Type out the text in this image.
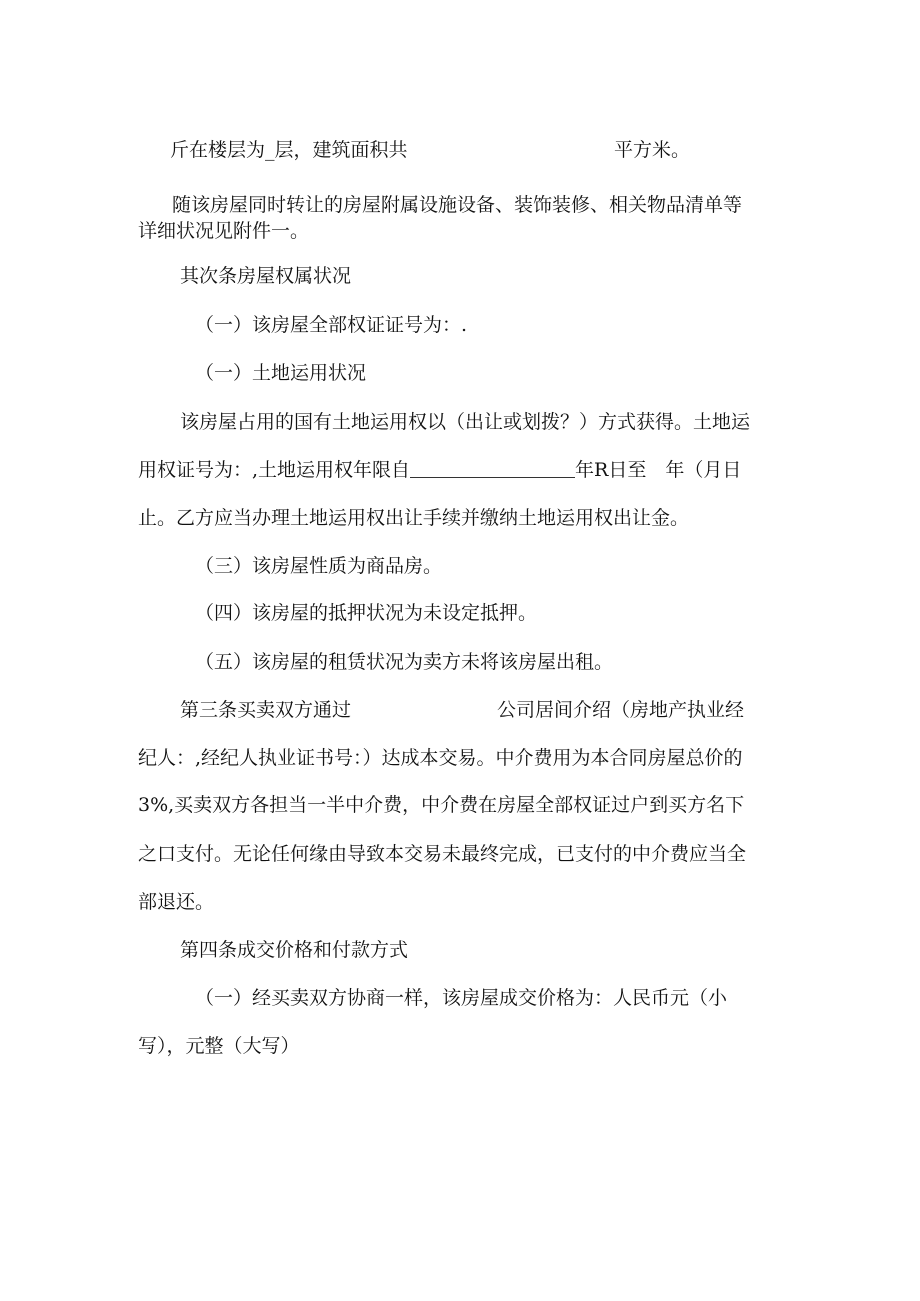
斤在楼层为_层，建筑面积共	平方米。
随该房屋同时转让的房屋附属设施设备、装饰装修、相关物品清单等
详细状况见附件一。
其次条房屋权属状况
（一）该房屋全部权证证号为：.
（一）土地运用状况
该房屋占用的国有土地运用权以（出让或划拨？）方式获得。土地运
用权证号为：,土地运用权年限自	年R日至　年（月日
止。乙方应当办理土地运用权出让手续并缴纳土地运用权出让金。
（三）该房屋性质为商品房。
（四）该房屋的抵押状况为未设定抵押。
（五）该房屋的租赁状况为卖方未将该房屋出租。
第三条买卖双方通过	公司居间介绍（房地产执业经
纪人：,经纪人执业证书号：）达成本交易。中介费用为本合同房屋总价的
3%,买卖双方各担当一半中介费，中介费在房屋全部权证过户到买方名下
之口支付。无论任何缘由导致本交易未最终完成，已支付的中介费应当全
部退还。
第四条成交价格和付款方式
（一）经买卖双方协商一样，该房屋成交价格为：人民币元（小
写），元整（大写）
